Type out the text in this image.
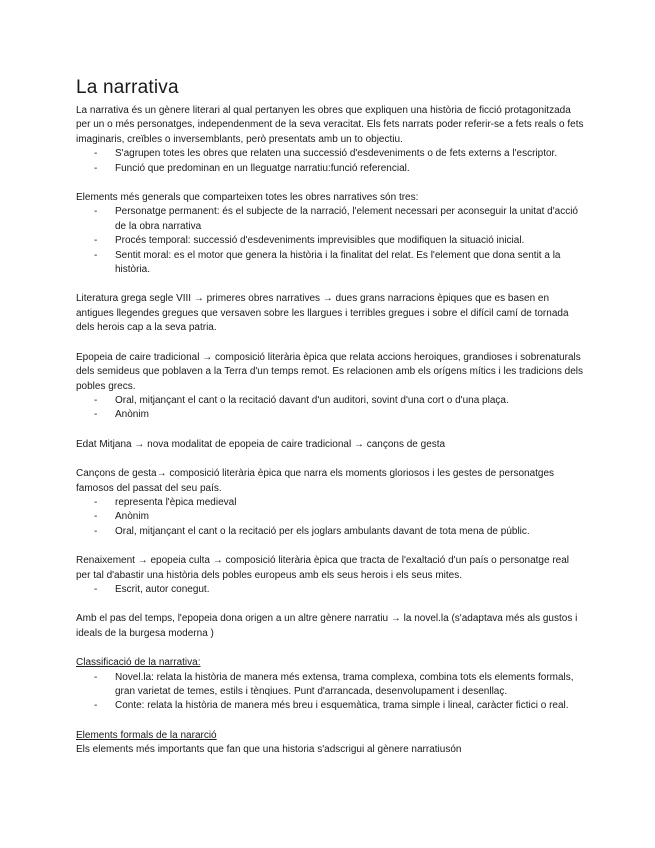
La narrativa

La narrativa és un gènere literari al qual pertanyen les obres que expliquen una història de ficció protagonitzada per un o més personatges, independenment de la seva veracitat. Els fets narrats poder referir-se a fets reals o fets imaginaris, creïbles o inversemblants, però presentats amb un to objectiu.

- S'agrupen totes les obres que relaten una successió d'esdeveniments o de fets externs a l'escriptor.
- Funció que predominan en un lleguatge narratiu:funció referencial.

Elements més generals que comparteixen totes les obres narratives són tres:

- Personatge permanent: és el subjecte de la narració, l'element necessari per aconseguir la unitat d'acció de la obra narrativa
- Procés temporal: successió d'esdeveniments imprevisibles que modifiquen la situació inicial.
- Sentit moral: es el motor que genera la història i la finalitat del relat. Es l'element que dona sentit a la història.

Literatura grega segle VIII → primeres obres narratives → dues grans narracions èpiques que es basen en antigues llegendes gregues que versaven sobre les llargues i terribles gregues i sobre el difícil camí de tornada dels herois cap a la seva patria.

Epopeia de caire tradicional → composició literària èpica que relata accions heroiques, grandioses i sobrenaturals dels semideus que poblaven a la Terra d'un temps remot. Es relacionen amb els orígens mítics i les tradicions dels pobles grecs.

- Oral, mitjançant el cant o la recitació davant d'un auditori, sovint d'una cort o d'una plaça.
- Anònim

Edat Mitjana → nova modalitat de epopeia de caire tradicional → cançons de gesta

Cançons de gesta→ composició literària èpica que narra els moments gloriosos i les gestes de personatges famosos del passat del seu país.

- representa l'èpica medieval
- Anònim
- Oral, mitjançant el cant o la recitació per els joglars ambulants davant de tota mena de públic.

Renaixement → epopeia culta → composició literària èpica que tracta de l'exaltació d'un país o personatge real per tal d'abastir una història dels pobles europeus amb els seus herois i els seus mites.

- Escrit, autor conegut.

Amb el pas del temps, l'epopeia dona origen a un altre gènere narratiu → la novel.la (s'adaptava més als gustos i ideals de la burgesa moderna )

Classificació de la narrativa:

- Novel.la: relata la història de manera més extensa, trama complexa, combina tots els elements formals, gran varietat de temes, estils i tènqiues. Punt d'arrancada, desenvolupament i desenllaç.
- Conte: relata la història de manera més breu i esquemàtica, trama simple i lineal, caràcter fictici o real.

Elements formals de la nararció

Els elements més importants que fan que una historia s'adscrigui al gènere narratiusón
